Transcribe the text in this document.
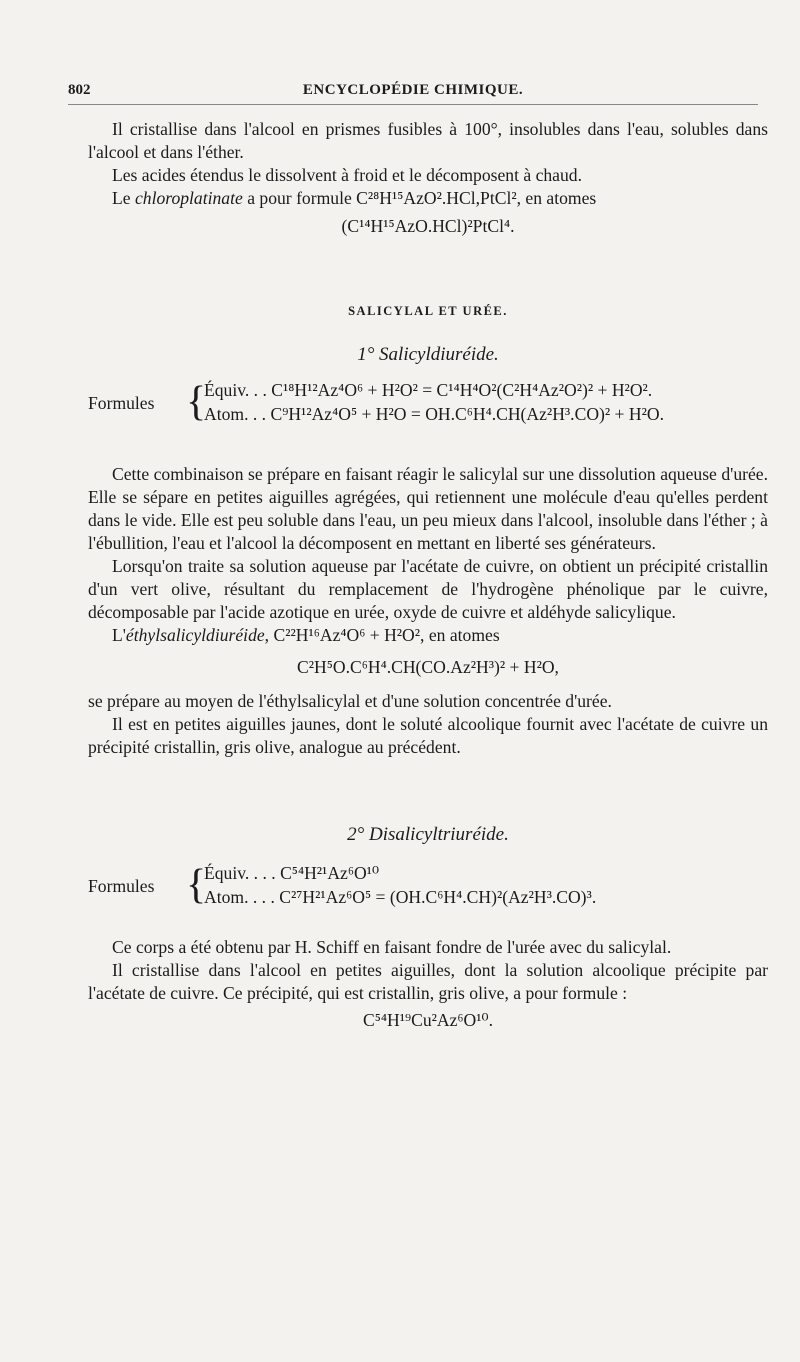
802	ENCYCLOPÉDIE CHIMIQUE.

Il cristallise dans l'alcool en prismes fusibles à 100°, insolubles dans l'eau, solubles dans l'alcool et dans l'éther.

Les acides étendus le dissolvent à froid et le décomposent à chaud.

Le chloroplatinate a pour formule C²⁸H¹⁵AzO².HCl,PtCl², en atomes

(C¹⁴H¹⁵AzO.HCl)²PtCl⁴.

SALICYLAL ET URÉE.

1° Salicyldiuréide.

Formules {
Équiv. . . C¹⁸H¹²Az⁴O⁶ + H²O² = C¹⁴H⁴O²(C²H⁴Az²O²)² + H²O².
Atom. . . C⁹H¹²Az⁴O⁵ + H²O = OH.C⁶H⁴.CH(Az²H³.CO)² + H²O.

Cette combinaison se prépare en faisant réagir le salicylal sur une dissolution aqueuse d'urée. Elle se sépare en petites aiguilles agrégées, qui retiennent une molécule d'eau qu'elles perdent dans le vide. Elle est peu soluble dans l'eau, un peu mieux dans l'alcool, insoluble dans l'éther ; à l'ébullition, l'eau et l'alcool la décomposent en mettant en liberté ses générateurs.

Lorsqu'on traite sa solution aqueuse par l'acétate de cuivre, on obtient un précipité cristallin d'un vert olive, résultant du remplacement de l'hydrogène phénolique par le cuivre, décomposable par l'acide azotique en urée, oxyde de cuivre et aldéhyde salicylique.

L'éthylsalicyldiuréide, C²²H¹⁶Az⁴O⁶ + H²O², en atomes

C²H⁵O.C⁶H⁴.CH(CO.Az²H³)² + H²O,

se prépare au moyen de l'éthylsalicylal et d'une solution concentrée d'urée.

Il est en petites aiguilles jaunes, dont le soluté alcoolique fournit avec l'acétate de cuivre un précipité cristallin, gris olive, analogue au précédent.

2° Disalicyltriuréide.

Formules {
Équiv. . . . C⁵⁴H²¹Az⁶O¹⁰
Atom. . . . C²⁷H²¹Az⁶O⁵ = (OH.C⁶H⁴.CH)²(Az²H³.CO)³.

Ce corps a été obtenu par H. Schiff en faisant fondre de l'urée avec du salicylal.

Il cristallise dans l'alcool en petites aiguilles, dont la solution alcoolique précipite par l'acétate de cuivre. Ce précipité, qui est cristallin, gris olive, a pour formule :

C⁵⁴H¹⁹Cu²Az⁶O¹⁰.
